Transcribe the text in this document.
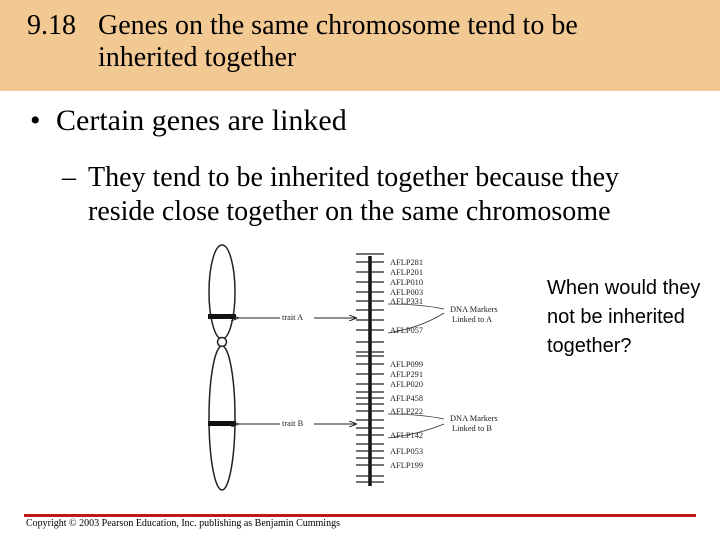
9.18 Genes on the same chromosome tend to be
inherited together
• Certain genes are linked
– They tend to be inherited together because they
reside close together on the same chromosome
trait A
trait B
AFLP281
AFLP201
AFLP010
AFLP003
AFLP331
AFLP057
AFLP099
AFLP291
AFLP020
AFLP458
AFLP222
AFLP142
AFLP053
AFLP199
DNA Markers
Linked to A
DNA Markers
Linked to B
When would they not be inherited together?
Copyright © 2003 Pearson Education, Inc. publishing as Benjamin Cummings
